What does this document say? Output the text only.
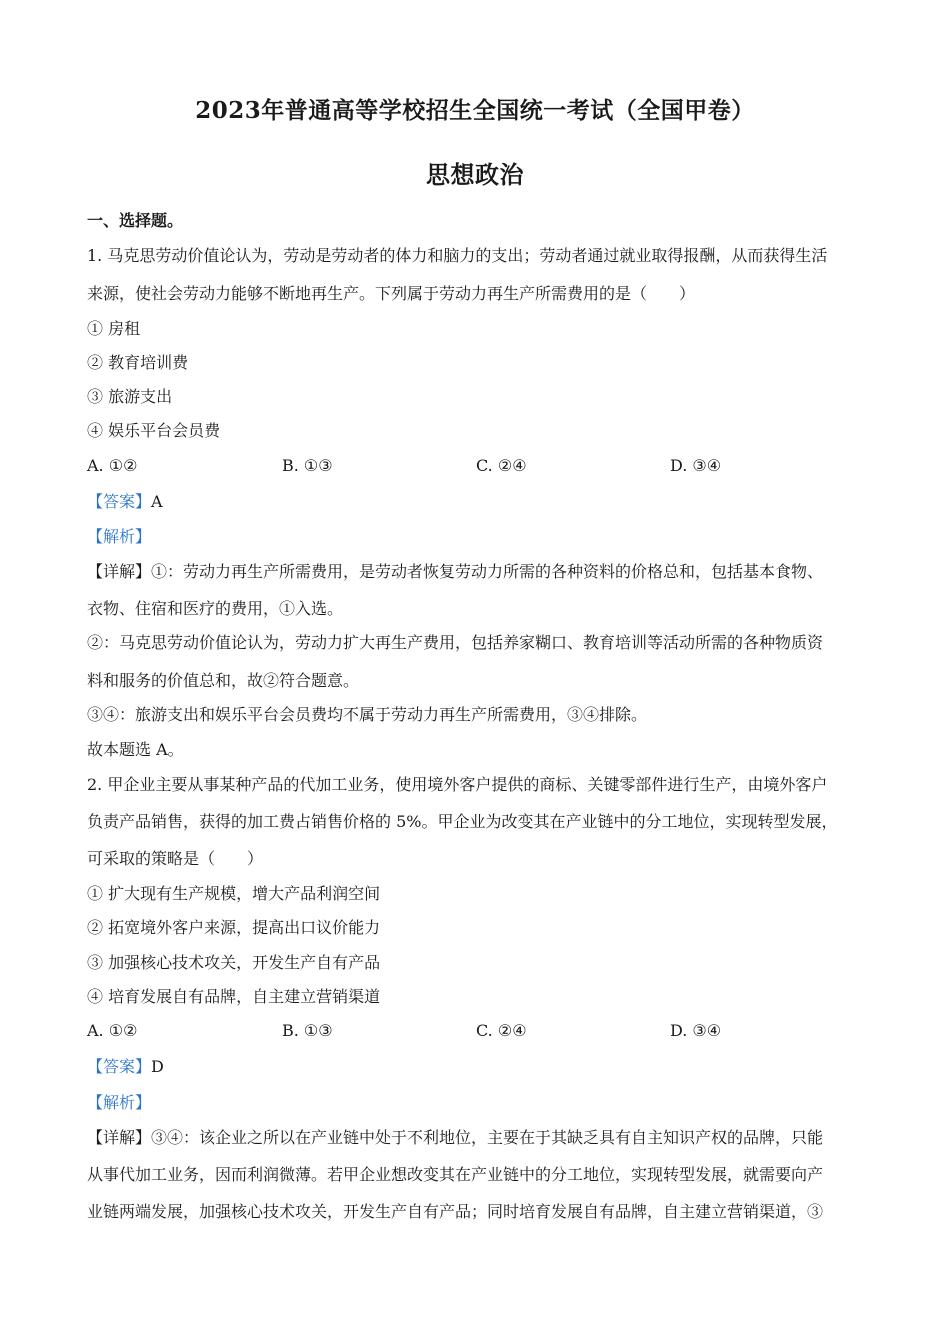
2023年普通高等学校招生全国统一考试（全国甲卷）
思想政治
一、选择题。
1. 马克思劳动价值论认为，劳动是劳动者的体力和脑力的支出；劳动者通过就业取得报酬，从而获得生活
来源，使社会劳动力能够不断地再生产。下列属于劳动力再生产所需费用的是（　　）
① 房租
② 教育培训费
③ 旅游支出
④ 娱乐平台会员费
A. ①②	B. ①③	C. ②④	D. ③④
【答案】A
【解析】
【详解】①：劳动力再生产所需费用，是劳动者恢复劳动力所需的各种资料的价格总和，包括基本食物、
衣物、住宿和医疗的费用，①入选。
②：马克思劳动价值论认为，劳动力扩大再生产费用，包括养家糊口、教育培训等活动所需的各种物质资
料和服务的价值总和，故②符合题意。
③④：旅游支出和娱乐平台会员费均不属于劳动力再生产所需费用，③④排除。
故本题选 A。
2. 甲企业主要从事某种产品的代加工业务，使用境外客户提供的商标、关键零部件进行生产，由境外客户
负责产品销售，获得的加工费占销售价格的 5%。甲企业为改变其在产业链中的分工地位，实现转型发展，
可采取的策略是（　　）
① 扩大现有生产规模，增大产品利润空间
② 拓宽境外客户来源，提高出口议价能力
③ 加强核心技术攻关，开发生产自有产品
④ 培育发展自有品牌，自主建立营销渠道
A. ①②	B. ①③	C. ②④	D. ③④
【答案】D
【解析】
【详解】③④：该企业之所以在产业链中处于不利地位，主要在于其缺乏具有自主知识产权的品牌，只能
从事代加工业务，因而利润微薄。若甲企业想改变其在产业链中的分工地位，实现转型发展，就需要向产
业链两端发展，加强核心技术攻关，开发生产自有产品；同时培育发展自有品牌，自主建立营销渠道，③
